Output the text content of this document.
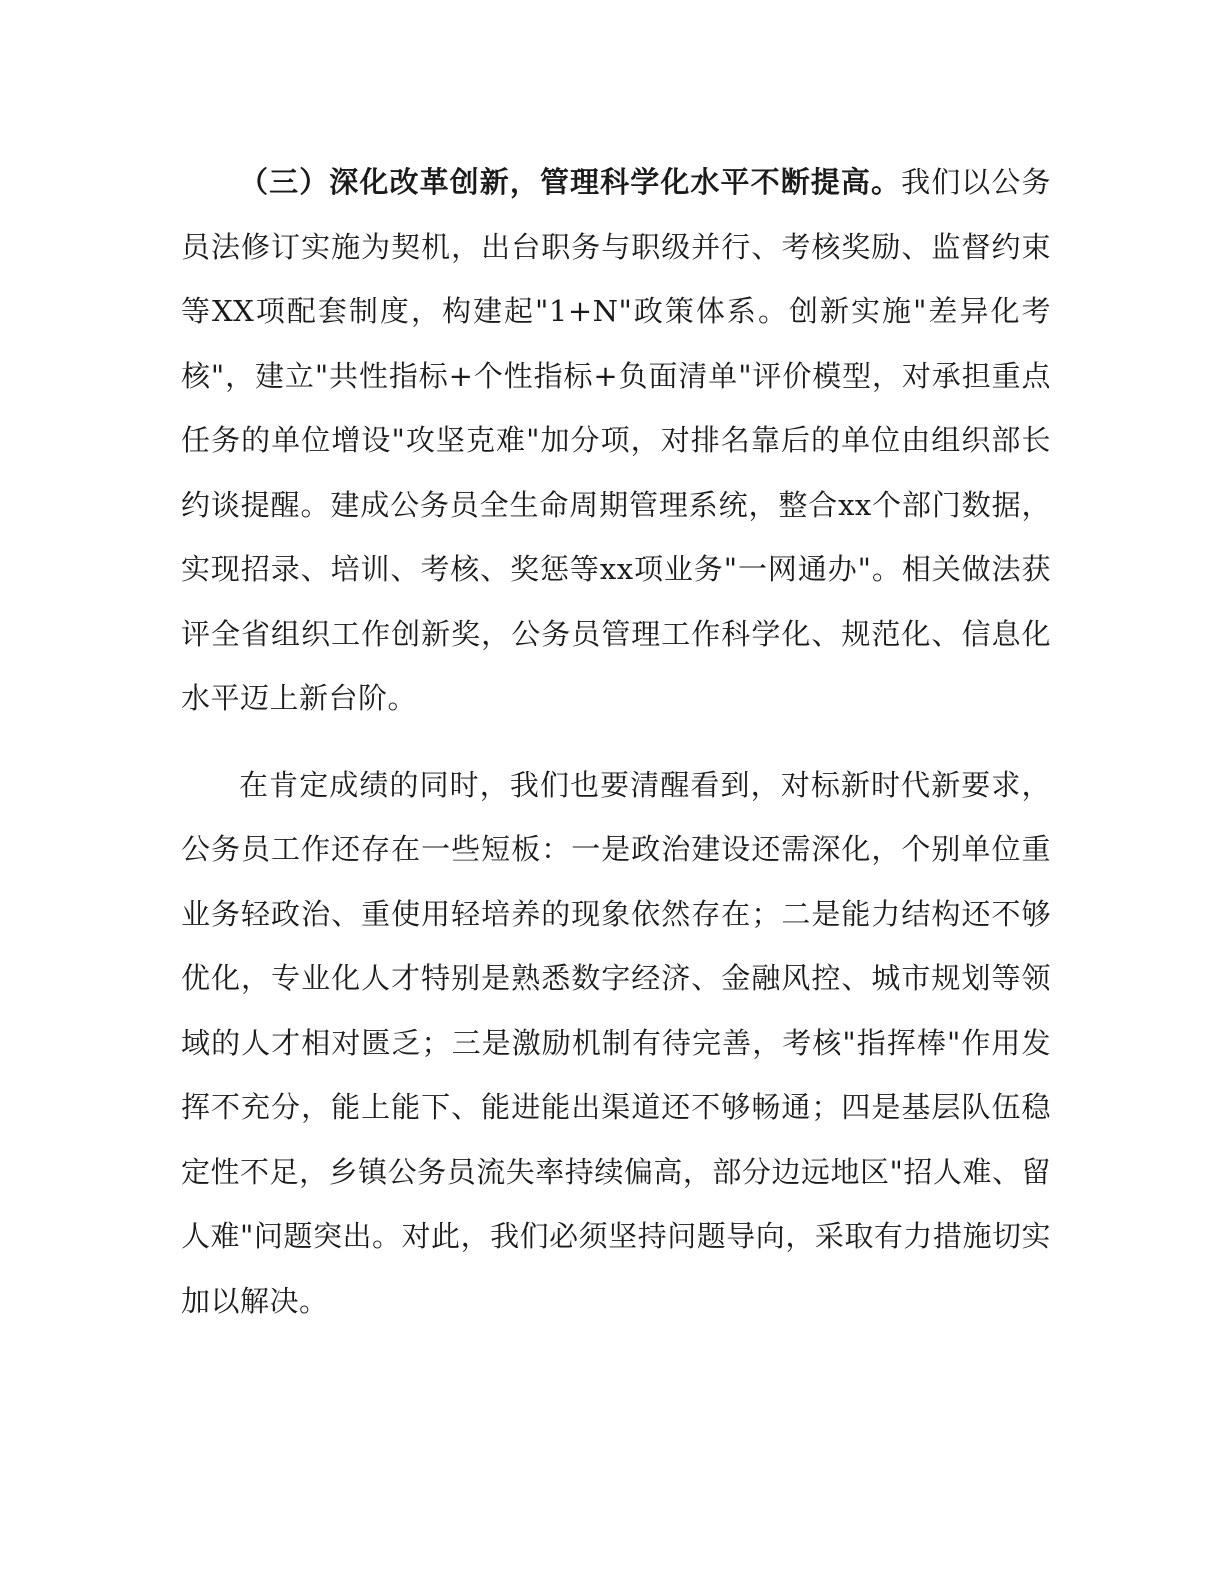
（三）深化改革创新，管理科学化水平不断提高。我们以公务员法修订实施为契机，出台职务与职级并行、考核奖励、监督约束等XX项配套制度，构建起"1+N"政策体系。创新实施"差异化考核"，建立"共性指标+个性指标+负面清单"评价模型，对承担重点任务的单位增设"攻坚克难"加分项，对排名靠后的单位由组织部长约谈提醒。建成公务员全生命周期管理系统，整合xx个部门数据，实现招录、培训、考核、奖惩等xx项业务"一网通办"。相关做法获评全省组织工作创新奖，公务员管理工作科学化、规范化、信息化水平迈上新台阶。

在肯定成绩的同时，我们也要清醒看到，对标新时代新要求，公务员工作还存在一些短板：一是政治建设还需深化，个别单位重业务轻政治、重使用轻培养的现象依然存在；二是能力结构还不够优化，专业化人才特别是熟悉数字经济、金融风控、城市规划等领域的人才相对匮乏；三是激励机制有待完善，考核"指挥棒"作用发挥不充分，能上能下、能进能出渠道还不够畅通；四是基层队伍稳定性不足，乡镇公务员流失率持续偏高，部分边远地区"招人难、留人难"问题突出。对此，我们必须坚持问题导向，采取有力措施切实加以解决。
